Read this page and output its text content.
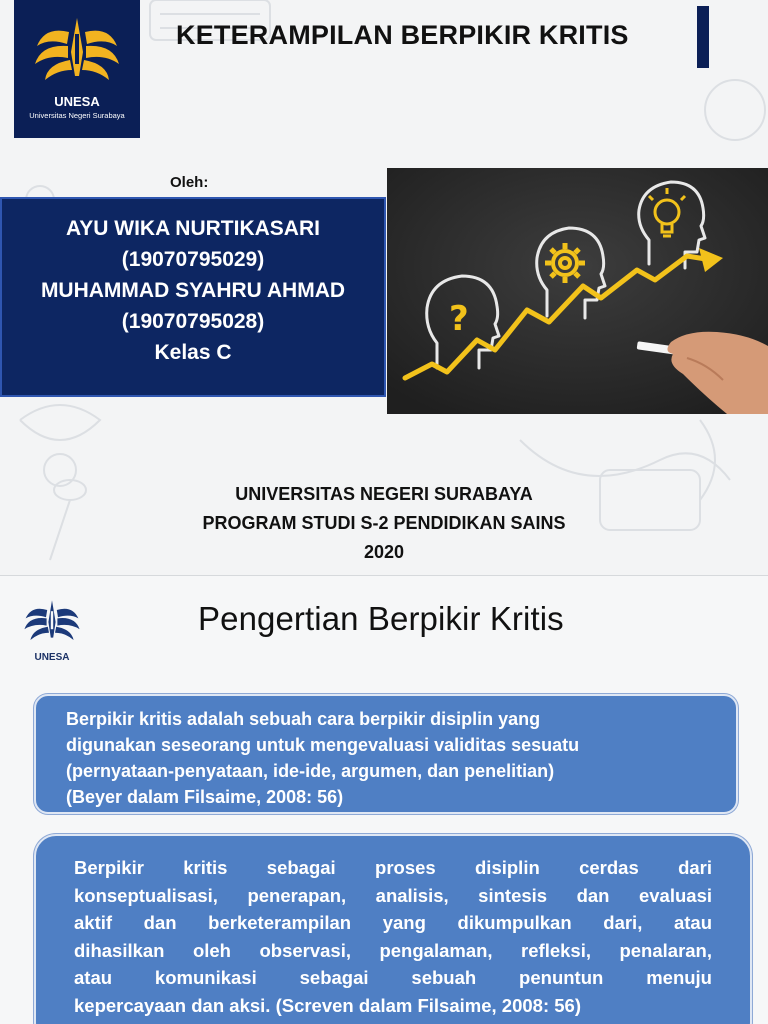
UNESA
Universitas Negeri Surabaya
KETERAMPILAN BERPIKIR KRITIS
Oleh:
AYU WIKA NURTIKASARI
(19070795029)
MUHAMMAD SYAHRU AHMAD
(19070795028)
Kelas C
?
UNIVERSITAS NEGERI SURABAYA
PROGRAM STUDI S-2 PENDIDIKAN SAINS
2020
UNESA
Pengertian Berpikir Kritis
Berpikir kritis adalah sebuah cara berpikir disiplin yang
digunakan seseorang untuk mengevaluasi validitas sesuatu
(pernyataan-penyataan, ide-ide, argumen, dan penelitian)
(Beyer dalam Filsaime, 2008: 56)
Berpikir kritis sebagai proses disiplin cerdas dari
konseptualisasi, penerapan, analisis, sintesis dan evaluasi
aktif dan berketerampilan yang dikumpulkan dari, atau
dihasilkan oleh observasi, pengalaman, refleksi, penalaran,
atau komunikasi sebagai sebuah penuntun menuju
kepercayaan dan aksi. (Screven dalam Filsaime, 2008: 56)
